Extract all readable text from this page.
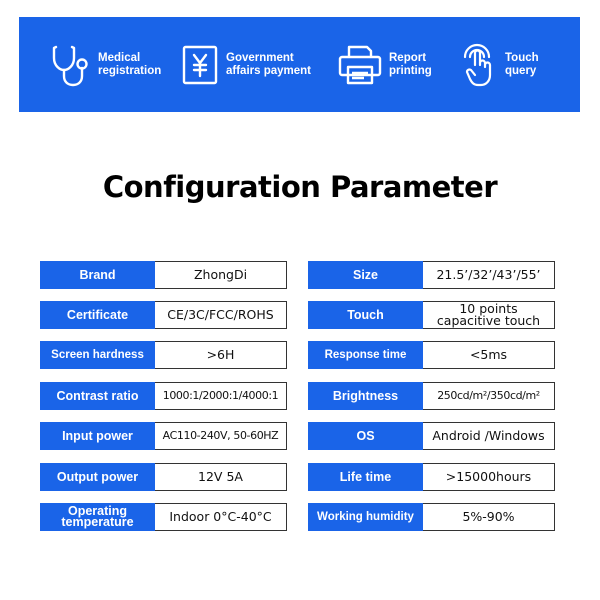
Medical
registration
Government
affairs payment
Report
printing
Touch
query
Configuration Parameter
Brand	ZhongDi
Certificate	CE/3C/FCC/ROHS
Screen hardness	>6H
Contrast ratio	1000:1/2000:1/4000:1
Input power	AC110-240V, 50-60HZ
Output power	12V 5A
Operating
temperature	Indoor 0°C-40°C
Size	21.5’/32’/43’/55’
Touch	10 points
capacitive touch
Response time	<5ms
Brightness	250cd/m²/350cd/m²
OS	Android /Windows
Life time	>15000hours
Working humidity	5%-90%
